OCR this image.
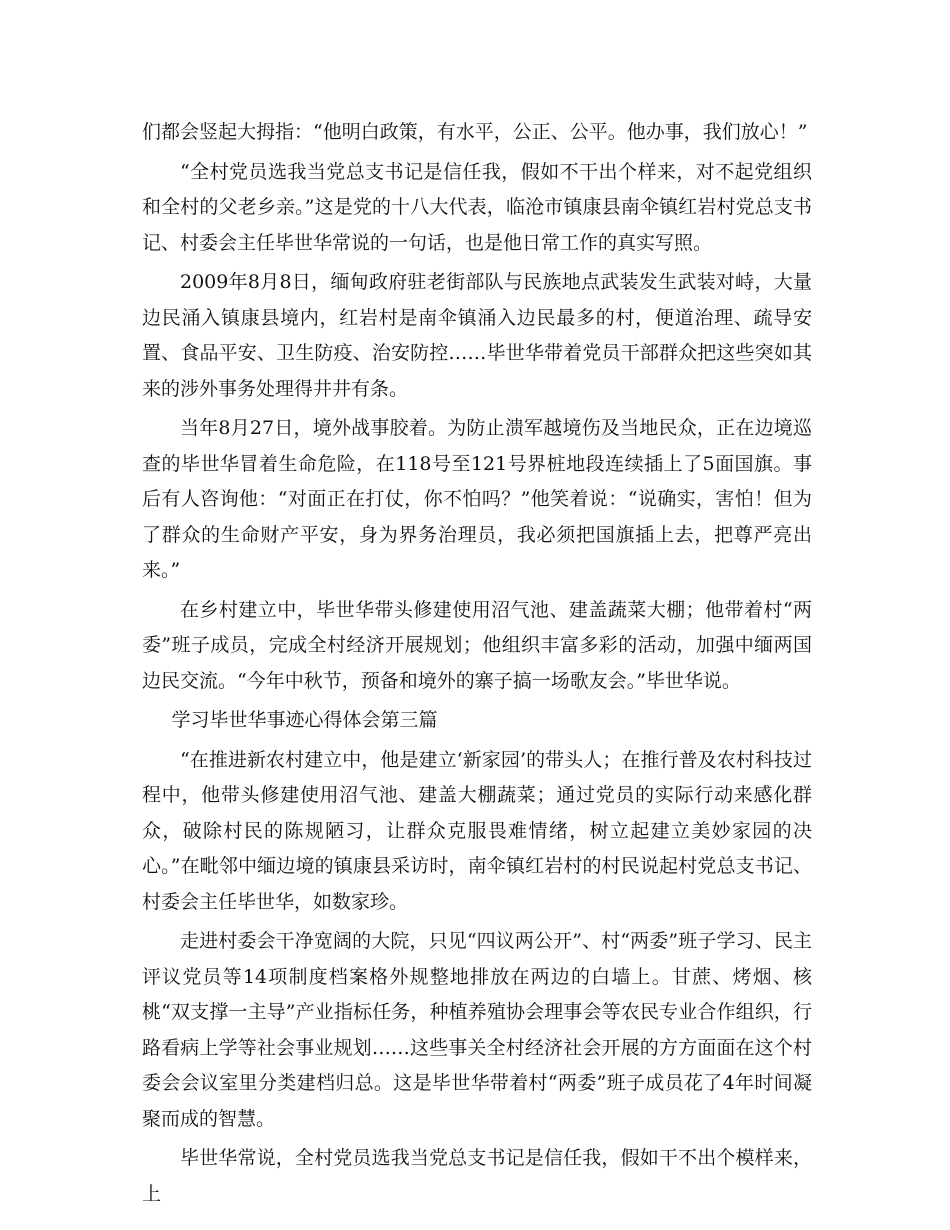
们都会竖起大拇指：“他明白政策，有水平，公正、公平。他办事，我们放心！”

“全村党员选我当党总支书记是信任我，假如不干出个样来，对不起党组织和全村的父老乡亲。”这是党的十八大代表，临沧市镇康县南伞镇红岩村党总支书记、村委会主任毕世华常说的一句话，也是他日常工作的真实写照。

2009年8月8日，缅甸政府驻老街部队与民族地点武装发生武装对峙，大量边民涌入镇康县境内，红岩村是南伞镇涌入边民最多的村，便道治理、疏导安置、食品平安、卫生防疫、治安防控……毕世华带着党员干部群众把这些突如其来的涉外事务处理得井井有条。

当年8月27日，境外战事胶着。为防止溃军越境伤及当地民众，正在边境巡查的毕世华冒着生命危险，在118号至121号界桩地段连续插上了5面国旗。事后有人咨询他：“对面正在打仗，你不怕吗？”他笑着说：“说确实，害怕！但为了群众的生命财产平安，身为界务治理员，我必须把国旗插上去，把尊严亮出来。”

在乡村建立中，毕世华带头修建使用沼气池、建盖蔬菜大棚；他带着村“两委”班子成员，完成全村经济开展规划；他组织丰富多彩的活动，加强中缅两国边民交流。“今年中秋节，预备和境外的寨子搞一场歌友会。”毕世华说。

学习毕世华事迹心得体会第三篇

“在推进新农村建立中，他是建立‘新家园’的带头人；在推行普及农村科技过程中，他带头修建使用沼气池、建盖大棚蔬菜；通过党员的实际行动来感化群众，破除村民的陈规陋习，让群众克服畏难情绪，树立起建立美妙家园的决心。”在毗邻中缅边境的镇康县采访时，南伞镇红岩村的村民说起村党总支书记、村委会主任毕世华，如数家珍。

走进村委会干净宽阔的大院，只见“四议两公开”、村“两委”班子学习、民主评议党员等14项制度档案格外规整地排放在两边的白墙上。甘蔗、烤烟、核桃“双支撑一主导”产业指标任务，种植养殖协会理事会等农民专业合作组织，行路看病上学等社会事业规划……这些事关全村经济社会开展的方方面面在这个村委会会议室里分类建档归总。这是毕世华带着村“两委”班子成员花了4年时间凝聚而成的智慧。

毕世华常说，全村党员选我当党总支书记是信任我，假如干不出个模样来，上
